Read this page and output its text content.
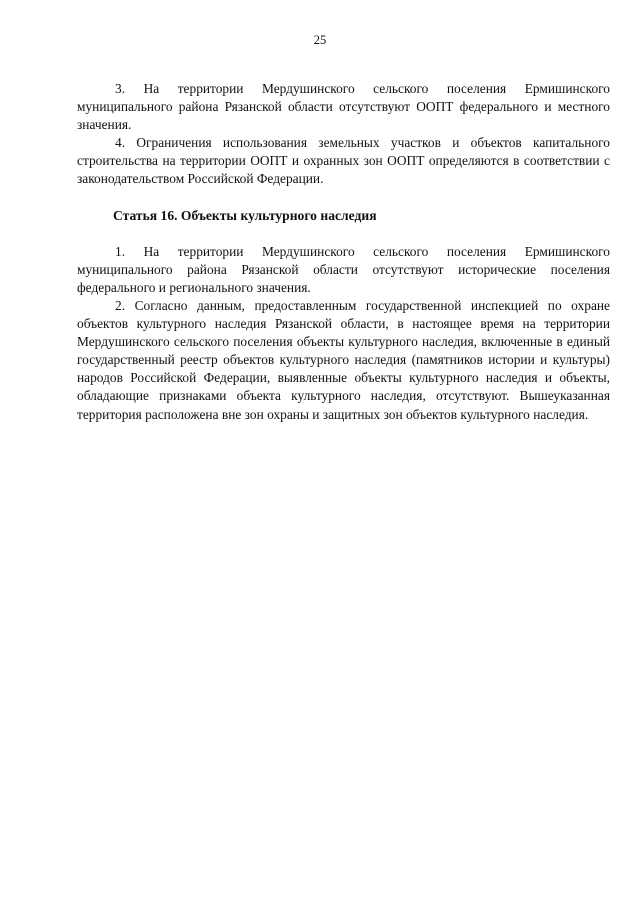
25

3. На территории Мердушинского сельского поселения Ермишинского муниципального района Рязанской области отсутствуют ООПТ федерального и местного значения.

4. Ограничения использования земельных участков и объектов капитального строительства на территории ООПТ и охранных зон ООПТ определяются в соответствии с законодательством Российской Федерации.

Статья 16. Объекты культурного наследия

1. На территории Мердушинского сельского поселения Ермишинского муниципального района Рязанской области отсутствуют исторические поселения федерального и регионального значения.

2. Согласно данным, предоставленным государственной инспекцией по охране объектов культурного наследия Рязанской области, в настоящее время на территории Мердушинского сельского поселения объекты культурного наследия, включенные в единый государственный реестр объектов культурного наследия (памятников истории и культуры) народов Российской Федерации, выявленные объекты культурного наследия и объекты, обладающие признаками объекта культурного наследия, отсутствуют. Вышеуказанная территория расположена вне зон охраны и защитных зон объектов культурного наследия.
